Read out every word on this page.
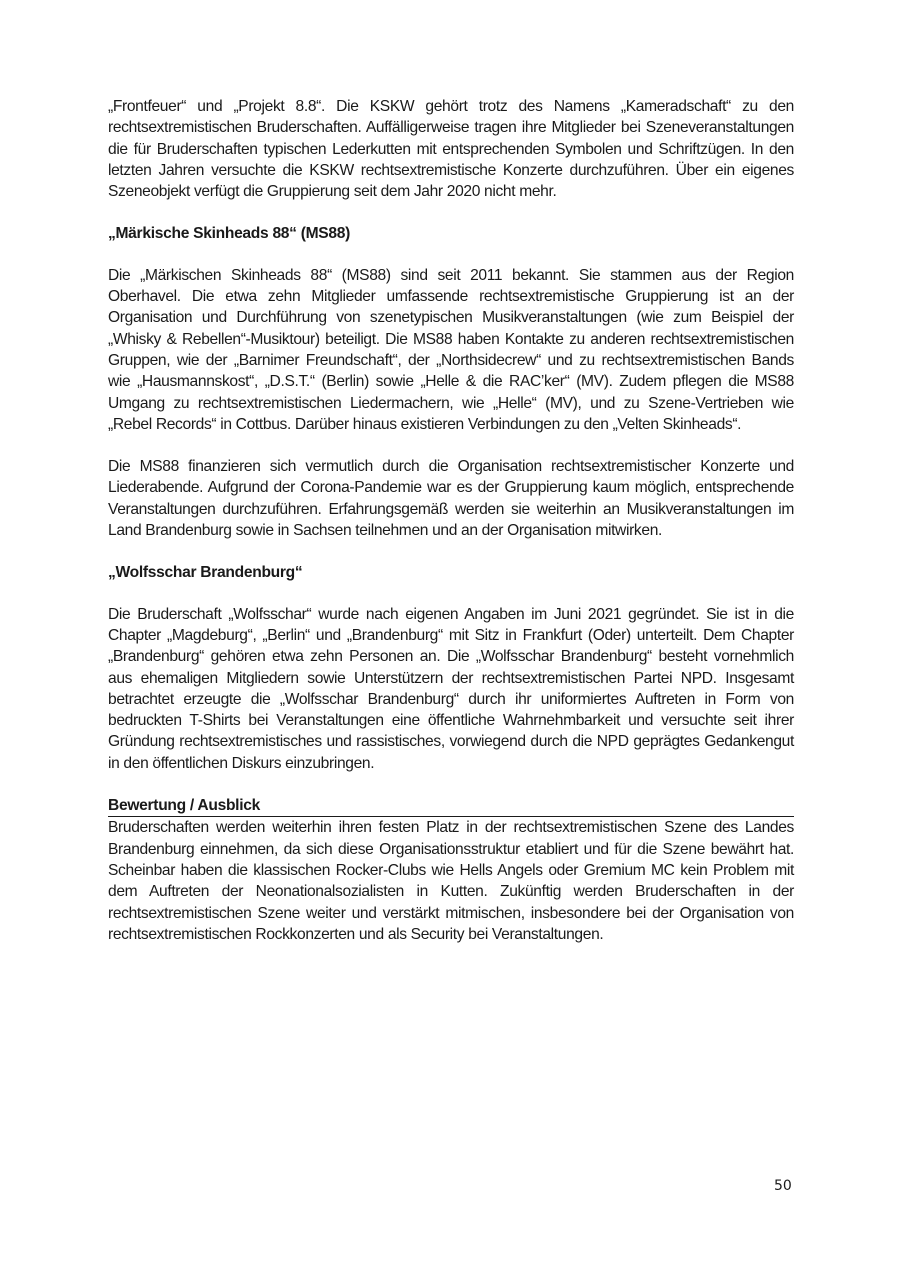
„Frontfeuer“ und „Projekt 8.8“. Die KSKW gehört trotz des Namens „Kameradschaft“ zu den rechtsextremistischen Bruderschaften. Auffälligerweise tragen ihre Mitglieder bei Szeneveranstaltungen die für Bruderschaften typischen Lederkutten mit entsprechenden Symbolen und Schriftzügen. In den letzten Jahren versuchte die KSKW rechtsextremistische Konzerte durchzuführen. Über ein eigenes Szeneobjekt verfügt die Gruppierung seit dem Jahr 2020 nicht mehr.

„Märkische Skinheads 88“ (MS88)

Die „Märkischen Skinheads 88“ (MS88) sind seit 2011 bekannt. Sie stammen aus der Region Oberhavel. Die etwa zehn Mitglieder umfassende rechtsextremistische Gruppierung ist an der Organisation und Durchführung von szenetypischen Musikveranstaltungen (wie zum Beispiel der „Whisky & Rebellen“-Musiktour) beteiligt. Die MS88 haben Kontakte zu anderen rechtsextremistischen Gruppen, wie der „Barnimer Freundschaft“, der „Northsidecrew“ und zu rechtsextremistischen Bands wie „Hausmannskost“, „D.S.T.“ (Berlin) sowie „Helle & die RAC’ker“ (MV). Zudem pflegen die MS88 Umgang zu rechtsextremistischen Liedermachern, wie „Helle“ (MV), und zu Szene-Vertrieben wie „Rebel Records“ in Cottbus. Darüber hinaus existieren Verbindungen zu den „Velten Skinheads“.

Die MS88 finanzieren sich vermutlich durch die Organisation rechtsextremistischer Konzerte und Liederabende. Aufgrund der Corona-Pandemie war es der Gruppierung kaum möglich, entsprechende Veranstaltungen durchzuführen. Erfahrungsgemäß werden sie weiterhin an Musikveranstaltungen im Land Brandenburg sowie in Sachsen teilnehmen und an der Organisation mitwirken.

„Wolfsschar Brandenburg“

Die Bruderschaft „Wolfsschar“ wurde nach eigenen Angaben im Juni 2021 gegründet. Sie ist in die Chapter „Magdeburg“, „Berlin“ und „Brandenburg“ mit Sitz in Frankfurt (Oder) unterteilt. Dem Chapter „Brandenburg“ gehören etwa zehn Personen an. Die „Wolfsschar Brandenburg“ besteht vornehmlich aus ehemaligen Mitgliedern sowie Unterstützern der rechtsextremistischen Partei NPD. Insgesamt betrachtet erzeugte die „Wolfsschar Brandenburg“ durch ihr uniformiertes Auftreten in Form von bedruckten T-Shirts bei Veranstaltungen eine öffentliche Wahrnehmbarkeit und versuchte seit ihrer Gründung rechtsextremistisches und rassistisches, vorwiegend durch die NPD geprägtes Gedankengut in den öffentlichen Diskurs einzubringen.

Bewertung / Ausblick

Bruderschaften werden weiterhin ihren festen Platz in der rechtsextremistischen Szene des Landes Brandenburg einnehmen, da sich diese Organisationsstruktur etabliert und für die Szene bewährt hat. Scheinbar haben die klassischen Rocker-Clubs wie Hells Angels oder Gremium MC kein Problem mit dem Auftreten der Neonationalsozialisten in Kutten. Zukünftig werden Bruderschaften in der rechtsextremistischen Szene weiter und verstärkt mitmischen, insbesondere bei der Organisation von rechtsextremistischen Rockkonzerten und als Security bei Veranstaltungen.

50
